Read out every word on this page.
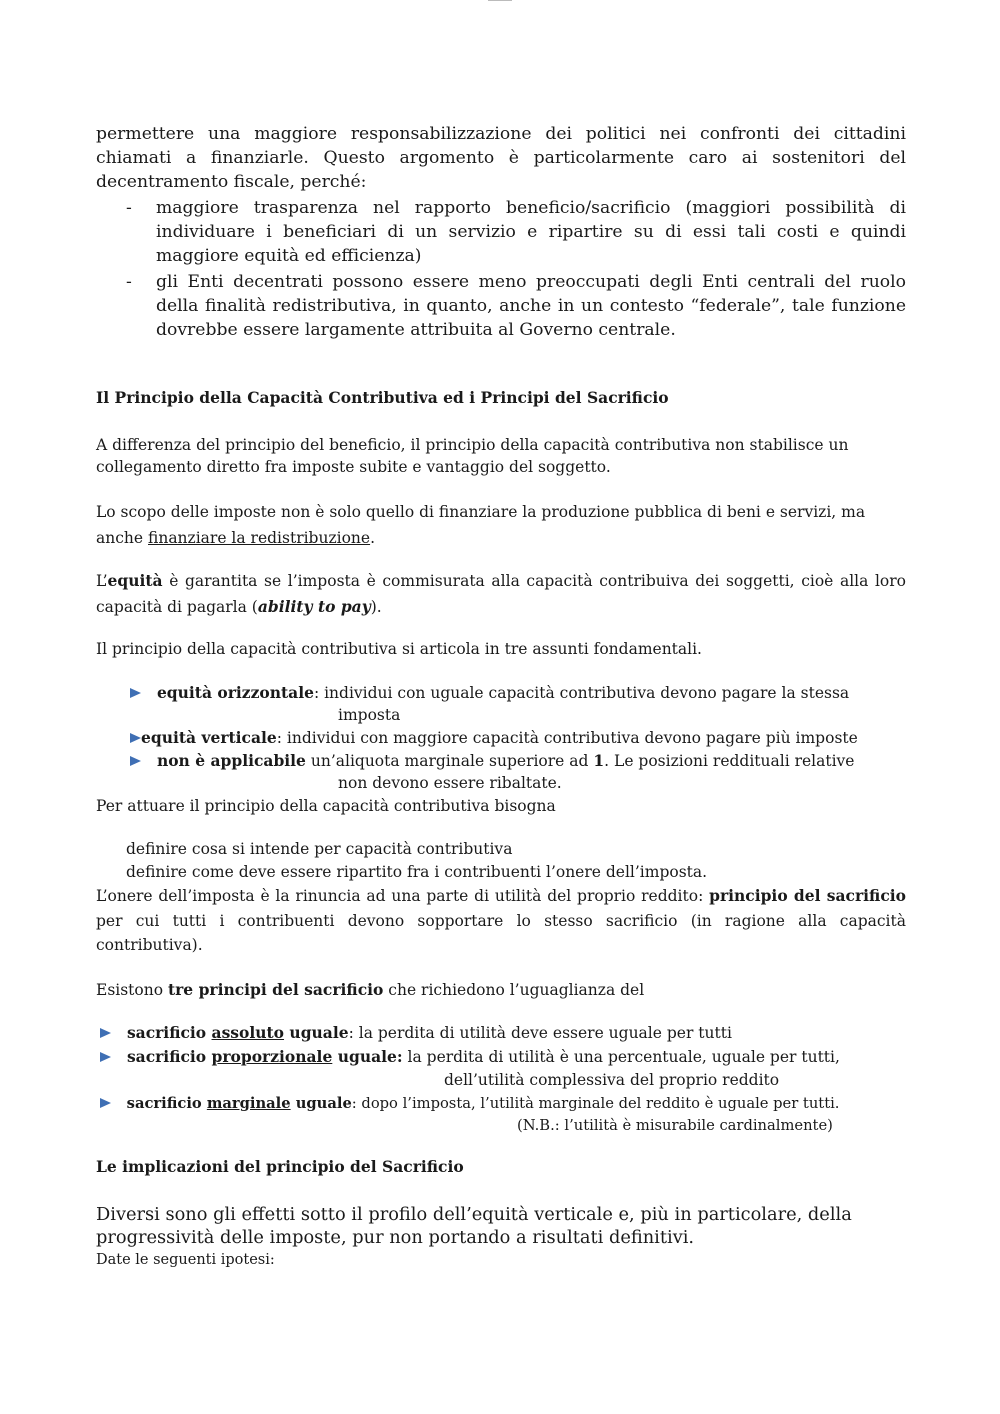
permettere una maggiore responsabilizzazione dei politici nei confronti dei cittadini chiamati a finanziarle. Questo argomento è particolarmente caro ai sostenitori del decentramento fiscale, perché:
- maggiore trasparenza nel rapporto beneficio/sacrificio (maggiori possibilità di individuare i beneficiari di un servizio e ripartire su di essi tali costi e quindi maggiore equità ed efficienza)
- gli Enti decentrati possono essere meno preoccupati degli Enti centrali del ruolo della finalità redistributiva, in quanto, anche in un contesto “federale”, tale funzione dovrebbe essere largamente attribuita al Governo centrale.
Il Principio della Capacità Contributiva ed i Principi del Sacrificio
A differenza del principio del beneficio, il principio della capacità contributiva non stabilisce un collegamento diretto fra imposte subite e vantaggio del soggetto.
Lo scopo delle imposte non è solo quello di finanziare la produzione pubblica di beni e servizi, ma anche finanziare la redistribuzione.
L’equità è garantita se l’imposta è commisurata alla capacità contribuiva dei soggetti, cioè alla loro capacità di pagarla (ability to pay).
Il principio della capacità contributiva si articola in tre assunti fondamentali.
equità orizzontale: individui con uguale capacità contributiva devono pagare la stessa
imposta
equità verticale: individui con maggiore capacità contributiva devono pagare più imposte
non è applicabile un’aliquota marginale superiore ad 1. Le posizioni reddituali relative
non devono essere ribaltate.
Per attuare il principio della capacità contributiva bisogna
definire cosa si intende per capacità contributiva
definire come deve essere ripartito fra i contribuenti l’onere dell’imposta.
L’onere dell’imposta è la rinuncia ad una parte di utilità del proprio reddito: principio del sacrificio per cui tutti i contribuenti devono sopportare lo stesso sacrificio (in ragione alla capacità contributiva).
Esistono tre principi del sacrificio che richiedono l’uguaglianza del
sacrificio assoluto uguale: la perdita di utilità deve essere uguale per tutti
sacrificio proporzionale uguale: la perdita di utilità è una percentuale, uguale per tutti,
dell’utilità complessiva del proprio reddito
sacrificio marginale uguale: dopo l’imposta, l’utilità marginale del reddito è uguale per tutti.
(N.B.: l’utilità è misurabile cardinalmente)
Le implicazioni del principio del Sacrificio
Diversi sono gli effetti sotto il profilo dell’equità verticale e, più in particolare, della progressività delle imposte, pur non portando a risultati definitivi.
Date le seguenti ipotesi:
